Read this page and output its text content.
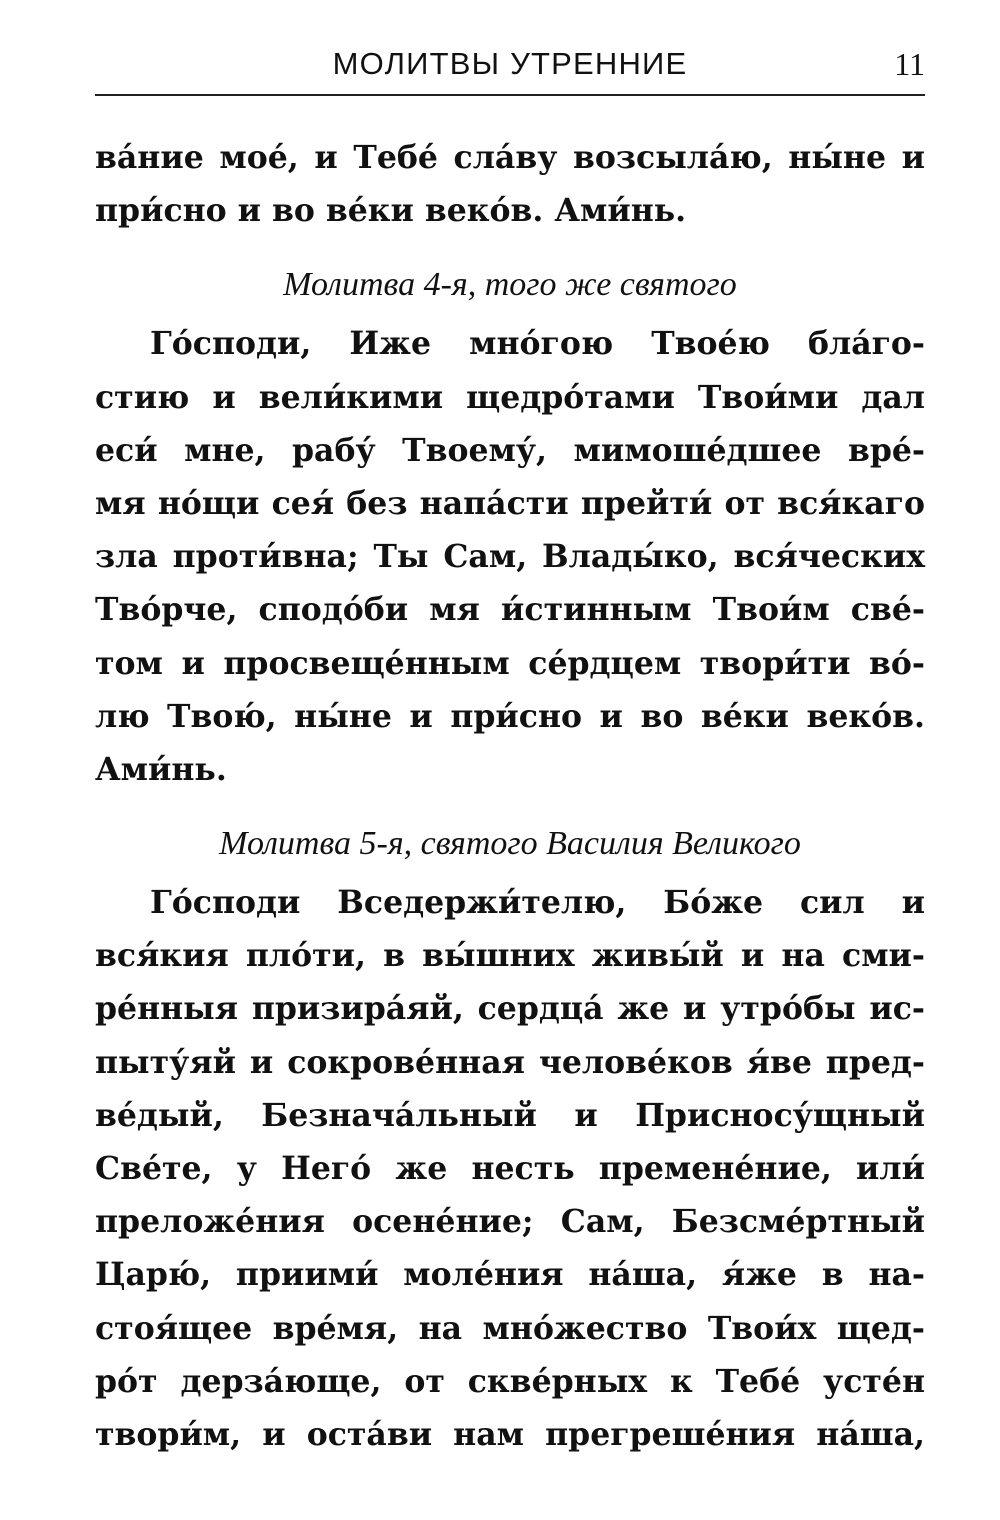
МОЛИТВЫ УТРЕННИЕ	11
ва́ние мое́, и Тебе́ сла́ву возсыла́ю, ны́не и
при́сно и во ве́ки веко́в. Ами́нь.
Молитва 4-я, того же святого
Го́споди, Иже мно́гою Твое́ю бла́го-
стию и вели́кими щедро́тами Твои́ми дал
еси́ мне, рабу́ Твоему́, мимоше́дшее вре́-
мя но́щи сея́ без напа́сти прейти́ от вся́каго
зла проти́вна; Ты Сам, Влады́ко, вся́ческих
Тво́рче, сподо́би мя и́стинным Твои́м све́-
том и просвеще́нным се́рдцем твори́ти во́-
лю Твою́, ны́не и при́сно и во ве́ки веко́в.
Ами́нь.
Молитва 5-я, святого Василия Великого
Го́споди Вседержи́телю, Бо́же сил и
вся́кия пло́ти, в вы́шних живы́й и на сми-
ре́нныя призира́яй, сердца́ же и утро́бы ис-
пыту́яй и сокрове́нная челове́ков я́ве пред-
ве́дый, Безнача́льный и Присносу́щный
Све́те, у Него́ же несть премене́ние, или́
преложе́ния осене́ние; Сам, Безсме́ртный
Царю́, приими́ моле́ния на́ша, я́же в на-
стоя́щее вре́мя, на мно́жество Твои́х щед-
ро́т дерза́юще, от скве́рных к Тебе́ усте́н
твори́м, и оста́ви нам прегреше́ния на́ша,
